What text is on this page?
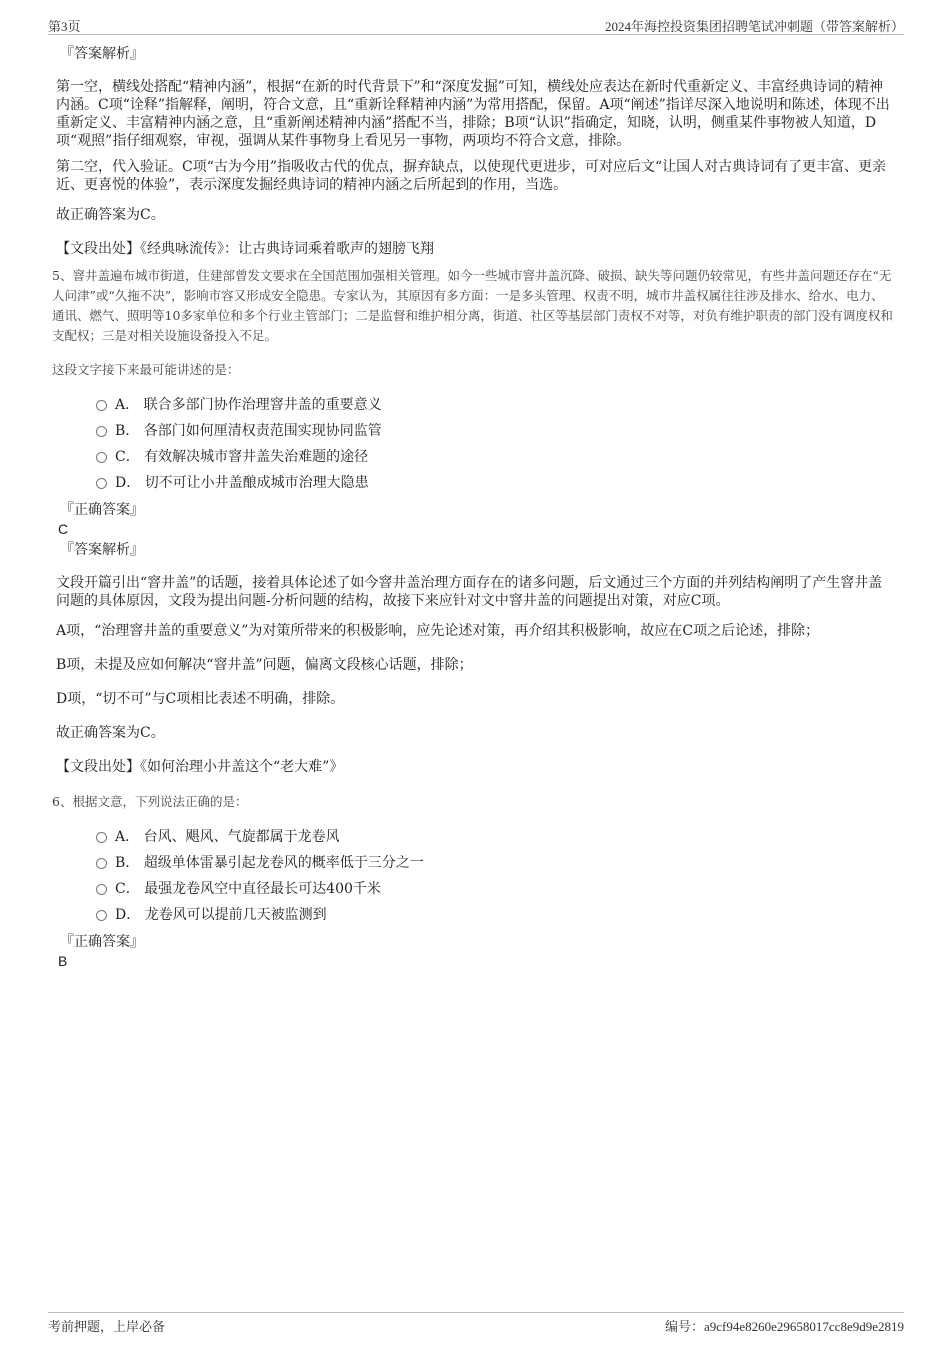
第3页	2024年海控投资集团招聘笔试冲刺题（带答案解析）
『答案解析』

第一空，横线处搭配“精神内涵”，根据“在新的时代背景下”和“深度发掘”可知，横线处应表达在新时代重新定义、丰富经典诗词的精神内涵。C项“诠释”指解释，阐明，符合文意，且“重新诠释精神内涵”为常用搭配，保留。A项“阐述”指详尽深入地说明和陈述，体现不出重新定义、丰富精神内涵之意，且“重新阐述精神内涵”搭配不当，排除；B项“认识”指确定，知晓，认明，侧重某件事物被人知道，D项“观照”指仔细观察，审视，强调从某件事物身上看见另一事物，两项均不符合文意，排除。

第二空，代入验证。C项“古为今用”指吸收古代的优点，摒弃缺点，以使现代更进步，可对应后文“让国人对古典诗词有了更丰富、更亲近、更喜悦的体验”，表示深度发掘经典诗词的精神内涵之后所起到的作用，当选。

故正确答案为C。

【文段出处】《经典咏流传》：让古典诗词乘着歌声的翅膀飞翔

5、窨井盖遍布城市街道，住建部曾发文要求在全国范围加强相关管理。如今一些城市窨井盖沉降、破损、缺失等问题仍较常见，有些井盖问题还存在“无人问津”或“久拖不决”，影响市容又形成安全隐患。专家认为，其原因有多方面：一是多头管理、权责不明，城市井盖权属往往涉及排水、给水、电力、通讯、燃气、照明等10多家单位和多个行业主管部门；二是监督和维护相分离，街道、社区等基层部门责权不对等，对负有维护职责的部门没有调度权和支配权；三是对相关设施设备投入不足。

这段文字接下来最可能讲述的是：

A． 联合多部门协作治理窨井盖的重要意义
B． 各部门如何厘清权责范围实现协同监管
C． 有效解决城市窨井盖失治难题的途径
D． 切不可让小井盖酿成城市治理大隐患
『正确答案』
C
『答案解析』

文段开篇引出“窨井盖”的话题，接着具体论述了如今窨井盖治理方面存在的诸多问题，后文通过三个方面的并列结构阐明了产生窨井盖问题的具体原因，文段为提出问题-分析问题的结构，故接下来应针对文中窨井盖的问题提出对策，对应C项。

A项，“治理窨井盖的重要意义”为对策所带来的积极影响，应先论述对策，再介绍其积极影响，故应在C项之后论述，排除；

B项，未提及应如何解决“窨井盖”问题，偏离文段核心话题，排除；

D项，“切不可”与C项相比表述不明确，排除。

故正确答案为C。

【文段出处】《如何治理小井盖这个“老大难”》

6、根据文意，下列说法正确的是：

A． 台风、飓风、气旋都属于龙卷风
B． 超级单体雷暴引起龙卷风的概率低于三分之一
C． 最强龙卷风空中直径最长可达400千米
D． 龙卷风可以提前几天被监测到
『正确答案』
B
考前押题，上岸必备	编号：a9cf94e8260e29658017cc8e9d9e2819
